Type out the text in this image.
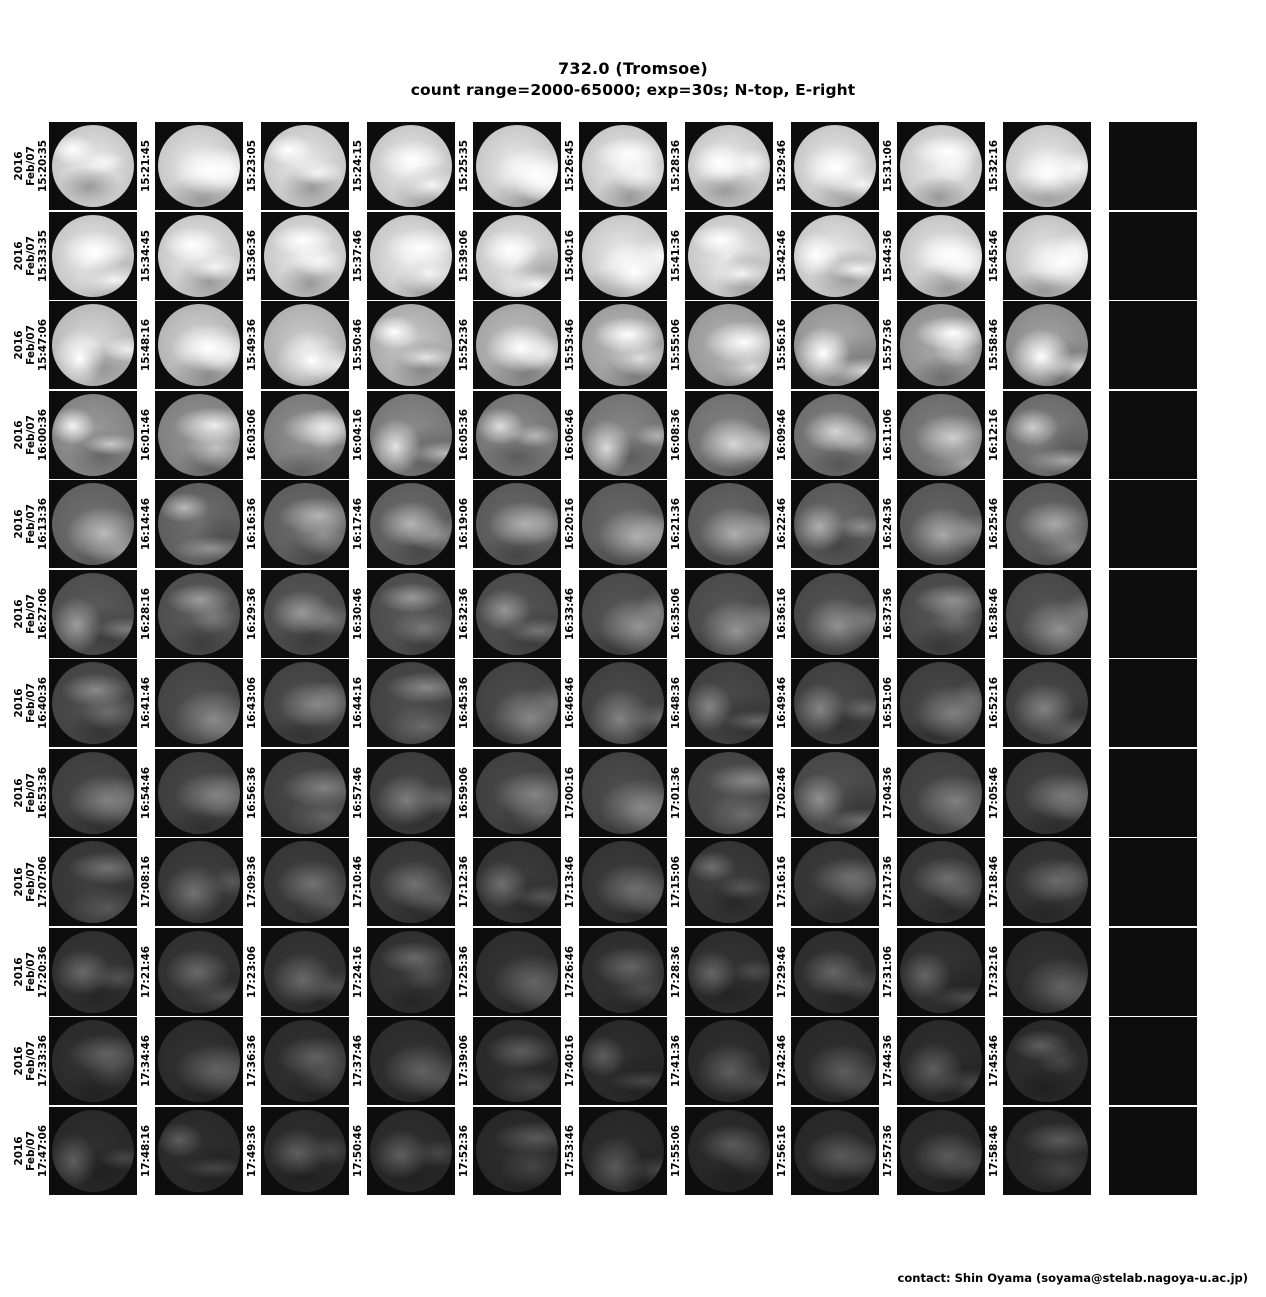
732.0 (Tromsoe)
count range=2000-65000; exp=30s; N-top, E-right
2016
Feb/07
15:20:35	15:21:45	15:23:05	15:24:15	15:25:35	15:26:45	15:28:36	15:29:46	15:31:06	15:32:16
2016
Feb/07
15:33:35	15:34:45	15:36:36	15:37:46	15:39:06	15:40:16	15:41:36	15:42:46	15:44:36	15:45:46
2016
Feb/07
15:47:06	15:48:16	15:49:36	15:50:46	15:52:36	15:53:46	15:55:06	15:56:16	15:57:36	15:58:46
2016
Feb/07
16:00:36	16:01:46	16:03:06	16:04:16	16:05:36	16:06:46	16:08:36	16:09:46	16:11:06	16:12:16
2016
Feb/07
16:13:36	16:14:46	16:16:36	16:17:46	16:19:06	16:20:16	16:21:36	16:22:46	16:24:36	16:25:46
2016
Feb/07
16:27:06	16:28:16	16:29:36	16:30:46	16:32:36	16:33:46	16:35:06	16:36:16	16:37:36	16:38:46
2016
Feb/07
16:40:36	16:41:46	16:43:06	16:44:16	16:45:36	16:46:46	16:48:36	16:49:46	16:51:06	16:52:16
2016
Feb/07
16:53:36	16:54:46	16:56:36	16:57:46	16:59:06	17:00:16	17:01:36	17:02:46	17:04:36	17:05:46
2016
Feb/07
17:07:06	17:08:16	17:09:36	17:10:46	17:12:36	17:13:46	17:15:06	17:16:16	17:17:36	17:18:46
2016
Feb/07
17:20:36	17:21:46	17:23:06	17:24:16	17:25:36	17:26:46	17:28:36	17:29:46	17:31:06	17:32:16
2016
Feb/07
17:33:36	17:34:46	17:36:36	17:37:46	17:39:06	17:40:16	17:41:36	17:42:46	17:44:36	17:45:46
2016
Feb/07
17:47:06	17:48:16	17:49:36	17:50:46	17:52:36	17:53:46	17:55:06	17:56:16	17:57:36	17:58:46
contact: Shin Oyama (soyama@stelab.nagoya-u.ac.jp)
